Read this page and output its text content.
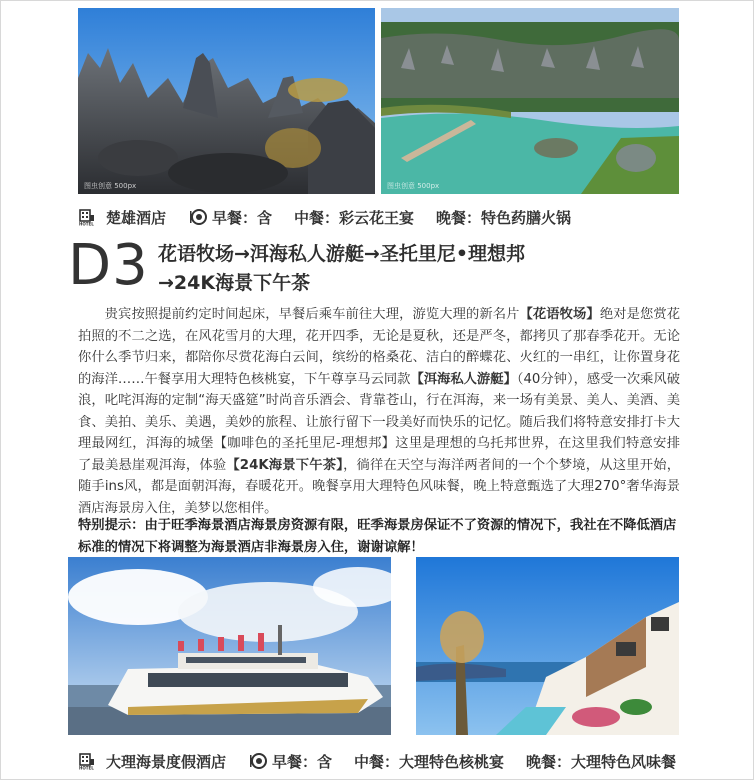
图虫创意 500px	图虫创意 500px
HOTEL 楚雄酒店	早餐：含 中餐：彩云花王宴 晚餐：特色药膳火锅
D3 花语牧场→洱海私人游艇→圣托里尼•理想邦
→24K海景下午茶
贵宾按照提前约定时间起床，早餐后乘车前往大理，游览大理的新名片【花语牧场】绝对是您赏花拍照的不二之选，在风花雪月的大理，花开四季，无论是夏秋，还是严冬，都拷贝了那春季花开。无论你什么季节归来，都陪你尽赏花海白云间，缤纷的格桑花、洁白的醉蝶花、火红的一串红，让你置身花的海洋……午餐享用大理特色核桃宴，下午尊享马云同款【洱海私人游艇】（40分钟），感受一次乘风破浪，叱咤洱海的定制“海天盛筵”时尚音乐酒会、背靠苍山，行在洱海，来一场有美景、美人、美酒、美食、美拍、美乐、美遇，美妙的旅程、让旅行留下一段美好而快乐的记忆。随后我们将特意安排打卡大理最网红，洱海的城堡【咖啡色的圣托里尼-理想邦】这里是理想的乌托邦世界，在这里我们特意安排了最美悬崖观洱海，体验【24K海景下午茶】，徜徉在天空与海洋两者间的一个个梦境，从这里开始，随手ins风，都是面朝洱海，春暖花开。晚餐享用大理特色风味餐，晚上特意甄选了大理270°奢华海景酒店海景房入住，美梦以您相伴。
特别提示：由于旺季海景酒店海景房资源有限，旺季海景房保证不了资源的情况下，我社在不降低酒店标准的情况下将调整为海景酒店非海景房入住，谢谢谅解！
HOTEL 大理海景度假酒店	早餐：含 中餐：大理特色核桃宴 晚餐：大理特色风味餐
